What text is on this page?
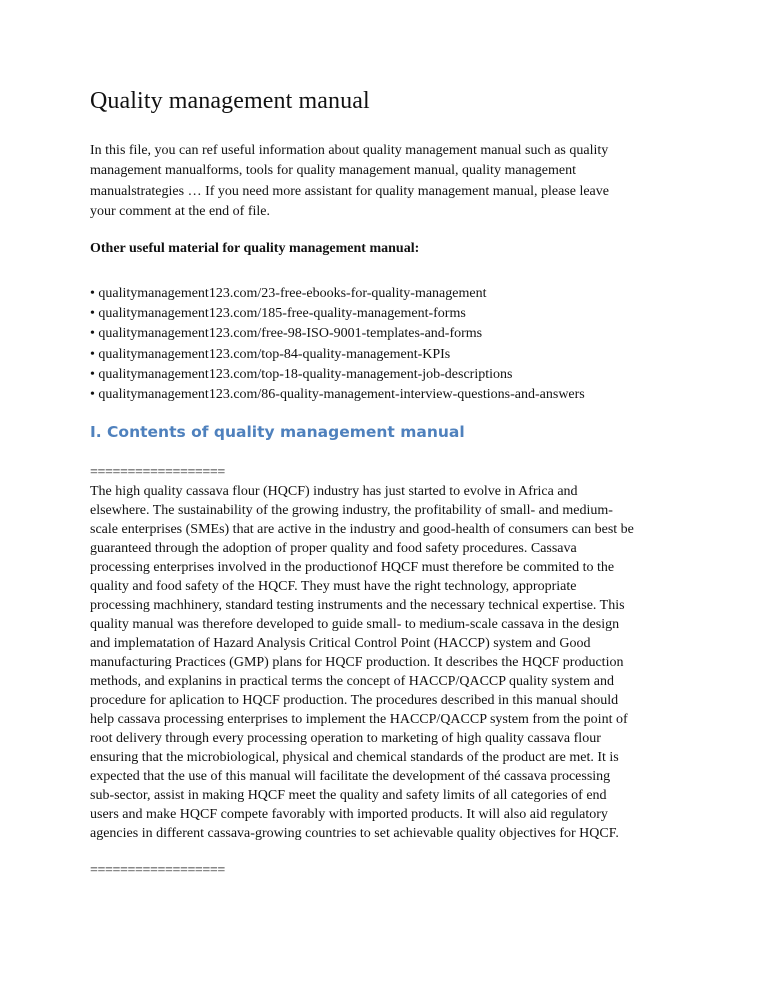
Quality management manual

In this file, you can ref useful information about quality management manual such as quality
management manualforms, tools for quality management manual, quality management
manualstrategies … If you need more assistant for quality management manual, please leave
your comment at the end of file.

Other useful material for quality management manual:

• qualitymanagement123.com/23-free-ebooks-for-quality-management
• qualitymanagement123.com/185-free-quality-management-forms
• qualitymanagement123.com/free-98-ISO-9001-templates-and-forms
• qualitymanagement123.com/top-84-quality-management-KPIs
• qualitymanagement123.com/top-18-quality-management-job-descriptions
• qualitymanagement123.com/86-quality-management-interview-questions-and-answers
I. Contents of quality management manual
==================

The high quality cassava flour (HQCF) industry has just started to evolve in Africa and
elsewhere. The sustainability of the growing industry, the profitability of small- and medium-
scale enterprises (SMEs) that are active in the industry and good-health of consumers can best be
guaranteed through the adoption of proper quality and food safety procedures. Cassava
processing enterprises involved in the productionof HQCF must therefore be commited to the
quality and food safety of the HQCF. They must have the right technology, appropriate
processing machhinery, standard testing instruments and the necessary technical expertise. This
quality manual was therefore developed to guide small- to medium-scale cassava in the design
and implematation of Hazard Analysis Critical Control Point (HACCP) system and Good
manufacturing Practices (GMP) plans for HQCF production. It describes the HQCF production
methods, and explanins in practical terms the concept of HACCP/QACCP quality system and
procedure for aplication to HQCF production. The procedures described in this manual should
help cassava processing enterprises to implement the HACCP/QACCP system from the point of
root delivery through every processing operation to marketing of high quality cassava flour
ensuring that the microbiological, physical and chemical standards of the product are met. It is
expected that the use of this manual will facilitate the development of thé cassava processing
sub-sector, assist in making HQCF meet the quality and safety limits of all categories of end
users and make HQCF compete favorably with imported products. It will also aid regulatory
agencies in different cassava-growing countries to set achievable quality objectives for HQCF.

==================
